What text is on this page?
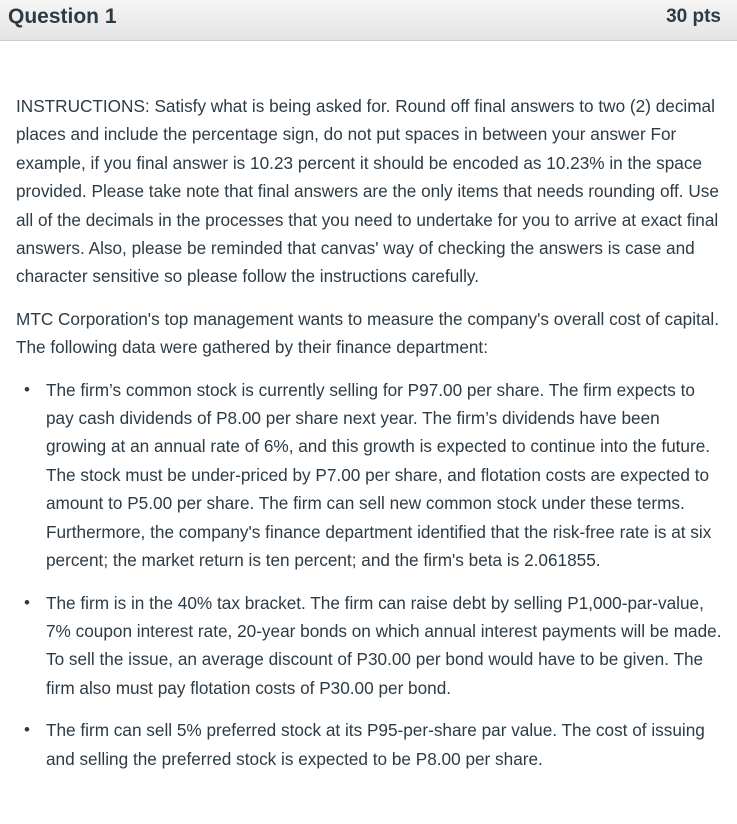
Question 1	30 pts

INSTRUCTIONS: Satisfy what is being asked for. Round off final answers to two (2) decimal places and include the percentage sign, do not put spaces in between your answer For example, if you final answer is 10.23 percent it should be encoded as 10.23% in the space provided. Please take note that final answers are the only items that needs rounding off. Use all of the decimals in the processes that you need to undertake for you to arrive at exact final answers. Also, please be reminded that canvas' way of checking the answers is case and character sensitive so please follow the instructions carefully.

MTC Corporation's top management wants to measure the company's overall cost of capital. The following data were gathered by their finance department:

• The firm’s common stock is currently selling for P97.00 per share. The firm expects to pay cash dividends of P8.00 per share next year. The firm’s dividends have been growing at an annual rate of 6%, and this growth is expected to continue into the future. The stock must be under-priced by P7.00 per share, and flotation costs are expected to amount to P5.00 per share. The firm can sell new common stock under these terms. Furthermore, the company's finance department identified that the risk-free rate is at six percent; the market return is ten percent; and the firm's beta is 2.061855.
• The firm is in the 40% tax bracket. The firm can raise debt by selling P1,000-par-value, 7% coupon interest rate, 20-year bonds on which annual interest payments will be made. To sell the issue, an average discount of P30.00 per bond would have to be given. The firm also must pay flotation costs of P30.00 per bond.
• The firm can sell 5% preferred stock at its P95-per-share par value. The cost of issuing and selling the preferred stock is expected to be P8.00 per share.
